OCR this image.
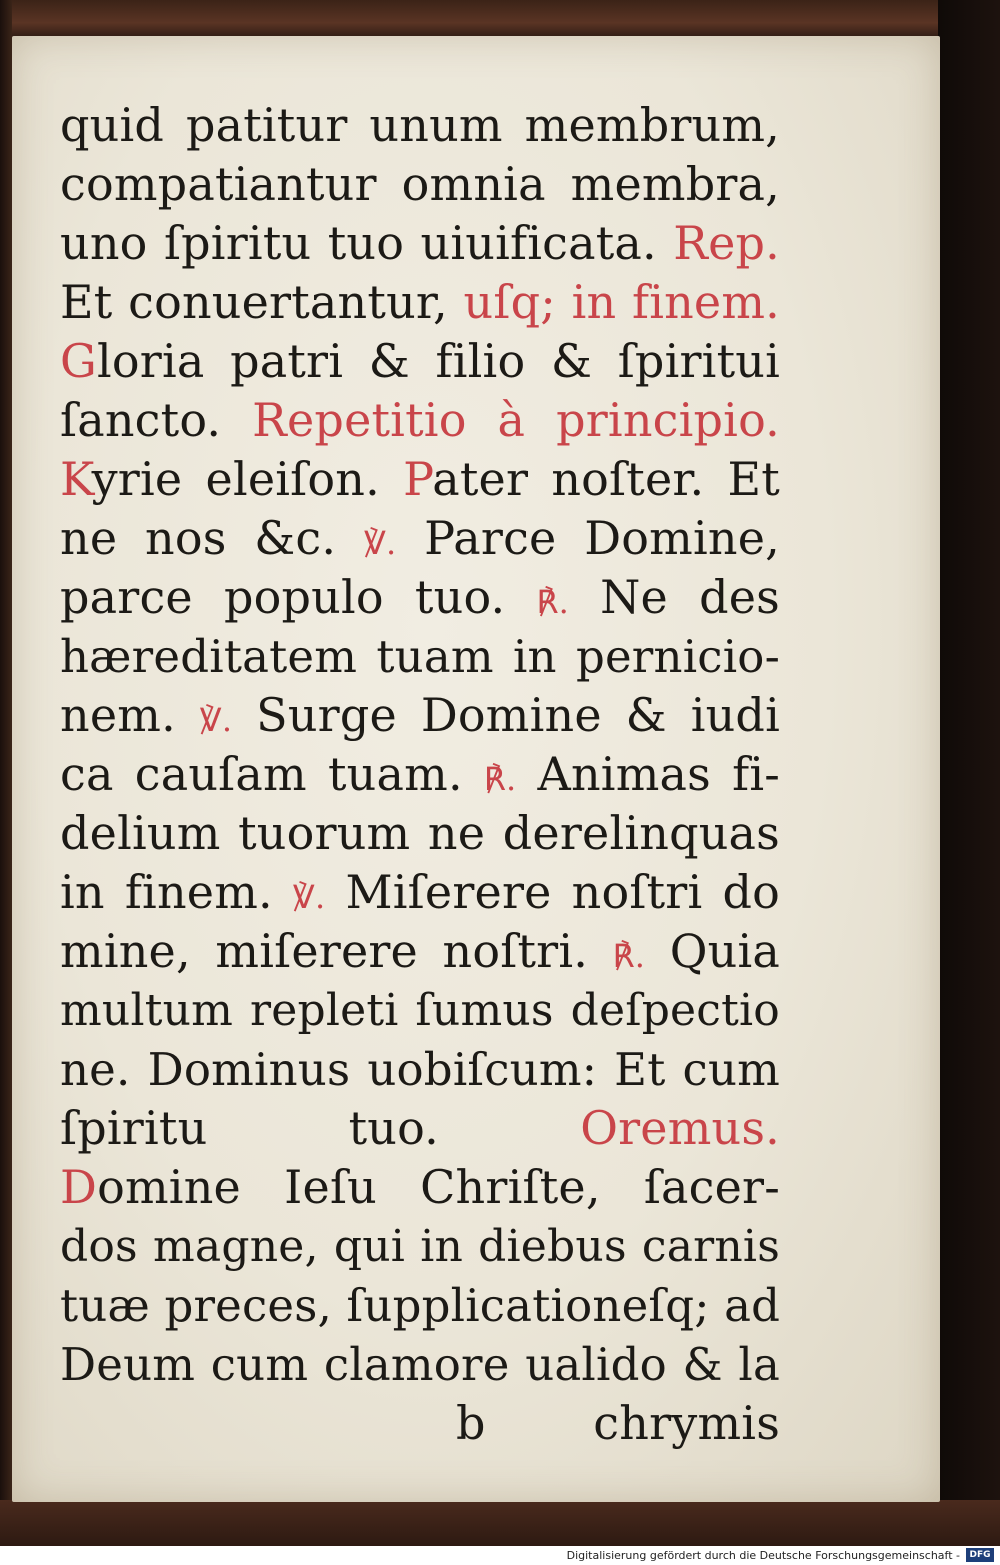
quid patitur unum membrum,
compatiantur omnia membra,
uno ſpiritu tuo uiuificata. Rep.
Et conuertantur, uſq; in finem.
Gloria patri & filio & ſpiritui
ſancto. Repetitio à principio.
Kyrie eleiſon. Pater noſter. Et
ne nos &c. ℣. Parce Domine,
parce populo tuo. ℟. Ne des
hæreditatem tuam in pernicio-
nem. ℣. Surge Domine & iudi
ca cauſam tuam. ℟. Animas fi-
delium tuorum ne derelinquas
in finem. ℣. Miſerere noſtri do
mine, miſerere noſtri. ℟. Quia
multum repleti ſumus deſpectio
ne. Dominus uobiſcum: Et cum
ſpiritu tuo. Oremus.
Domine Ieſu Chriſte, ſacer-
dos magne, qui in diebus carnis
tuæ preces, ſupplicationeſq; ad
Deum cum clamore ualido & la
b chrymis
Digitalisierung gefördert durch die Deutsche Forschungsgemeinschaft -	DFG
